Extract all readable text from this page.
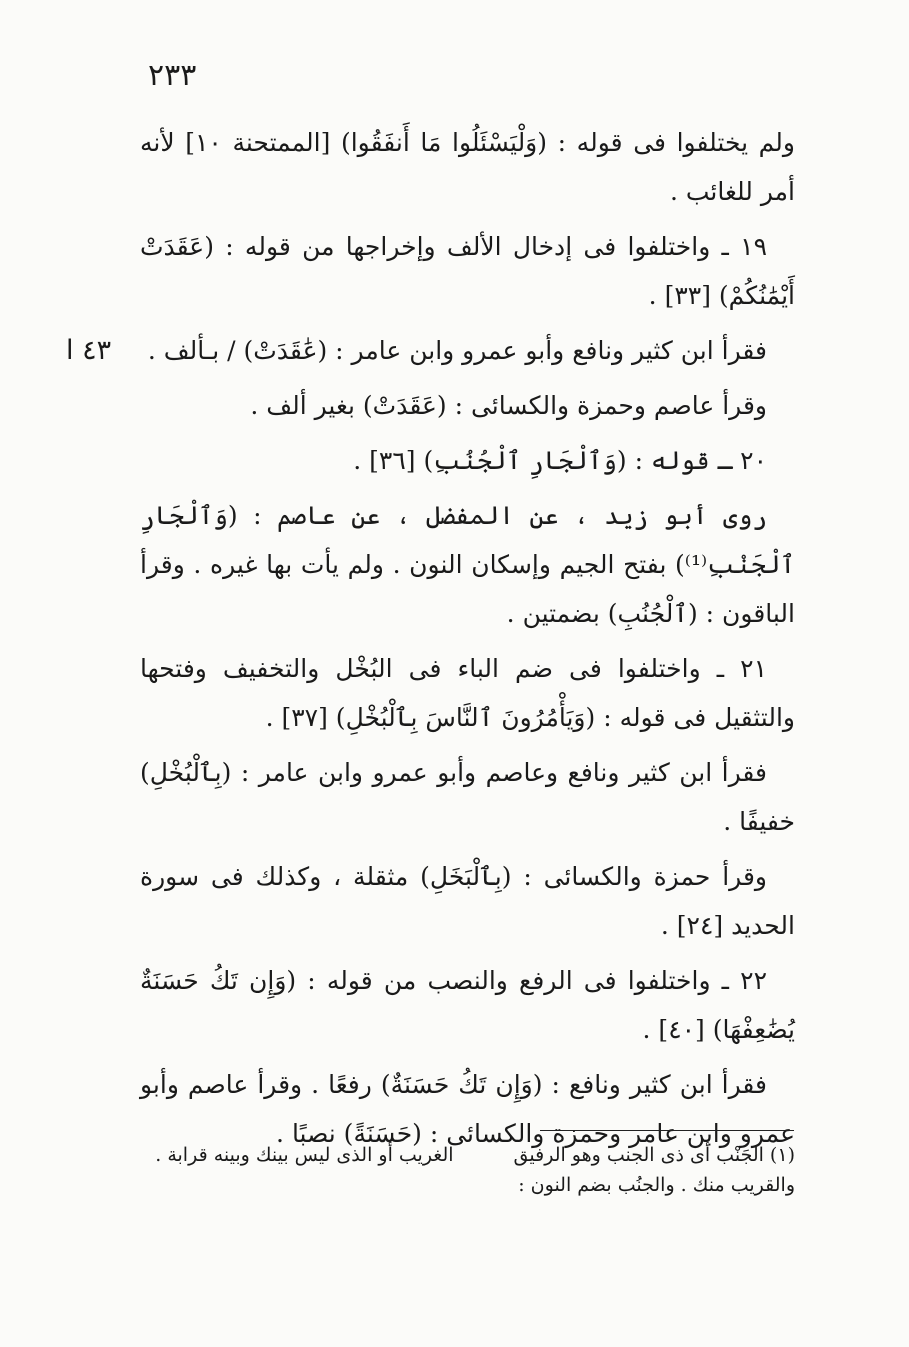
٢٣٣
٤٣ ا

ولم يختلفوا فى قوله : (وَلْيَسْئَلُوا مَا أَنفَقُوا) [الممتحنة ١٠] لأنه أمر للغائب .

١٩ ـ واختلفوا فى إدخال الألف وإخراجها من قوله : (عَقَدَتْ أَيْمَٰنُكُمْ) [٣٣] .

فقرأ ابن كثير ونافع وأبو عمرو وابن عامر : (عَٰقَدَتْ) / بـألف .

وقرأ عاصم وحمزة والكسائى : (عَقَدَتْ) بغير ألف .

٢٠ ـ قوله : (وَٱلْجَارِ ٱلْجُنُبِ) [٣٦] .

روى أبو زيد ، عن المفضل ، عن عاصم : (وَٱلْجَارِ ٱلْجَنْبِ⁽¹⁾) بفتح الجيم وإسكان النون . ولم يأت بها غيره . وقرأ الباقون : (ٱلْجُنُبِ) بضمتين .

٢١ ـ واختلفوا فى ضم الباء فى البُخْل والتخفيف وفتحها والتثقيل فى قوله : (وَيَأْمُرُونَ ٱلنَّاسَ بِٱلْبُخْلِ) [٣٧] .

فقرأ ابن كثير ونافع وعاصم وأبو عمرو وابن عامر : (بِٱلْبُخْلِ) خفيفًا .

وقرأ حمزة والكسائى : (بِٱلْبَخَلِ) مثقلة ، وكذلك فى سورة الحديد [٢٤] .

٢٢ ـ واختلفوا فى الرفع والنصب من قوله : (وَإِن تَكُ حَسَنَةٌ يُضَٰعِفْهَا) [٤٠] .

فقرأ ابن كثير ونافع : (وَإِن تَكُ حَسَنَةٌ) رفعًا . وقرأ عاصم وأبو عمرو وابن عامر وحمزة والكسائى : (حَسَنَةً) نصبًا .

(١) الجَنْب أى ذى الجنب وهو الرفيقالغريب أو الذى ليس بينك وبينه قرابة .
والقريب منك . والجنُب بضم النون :
